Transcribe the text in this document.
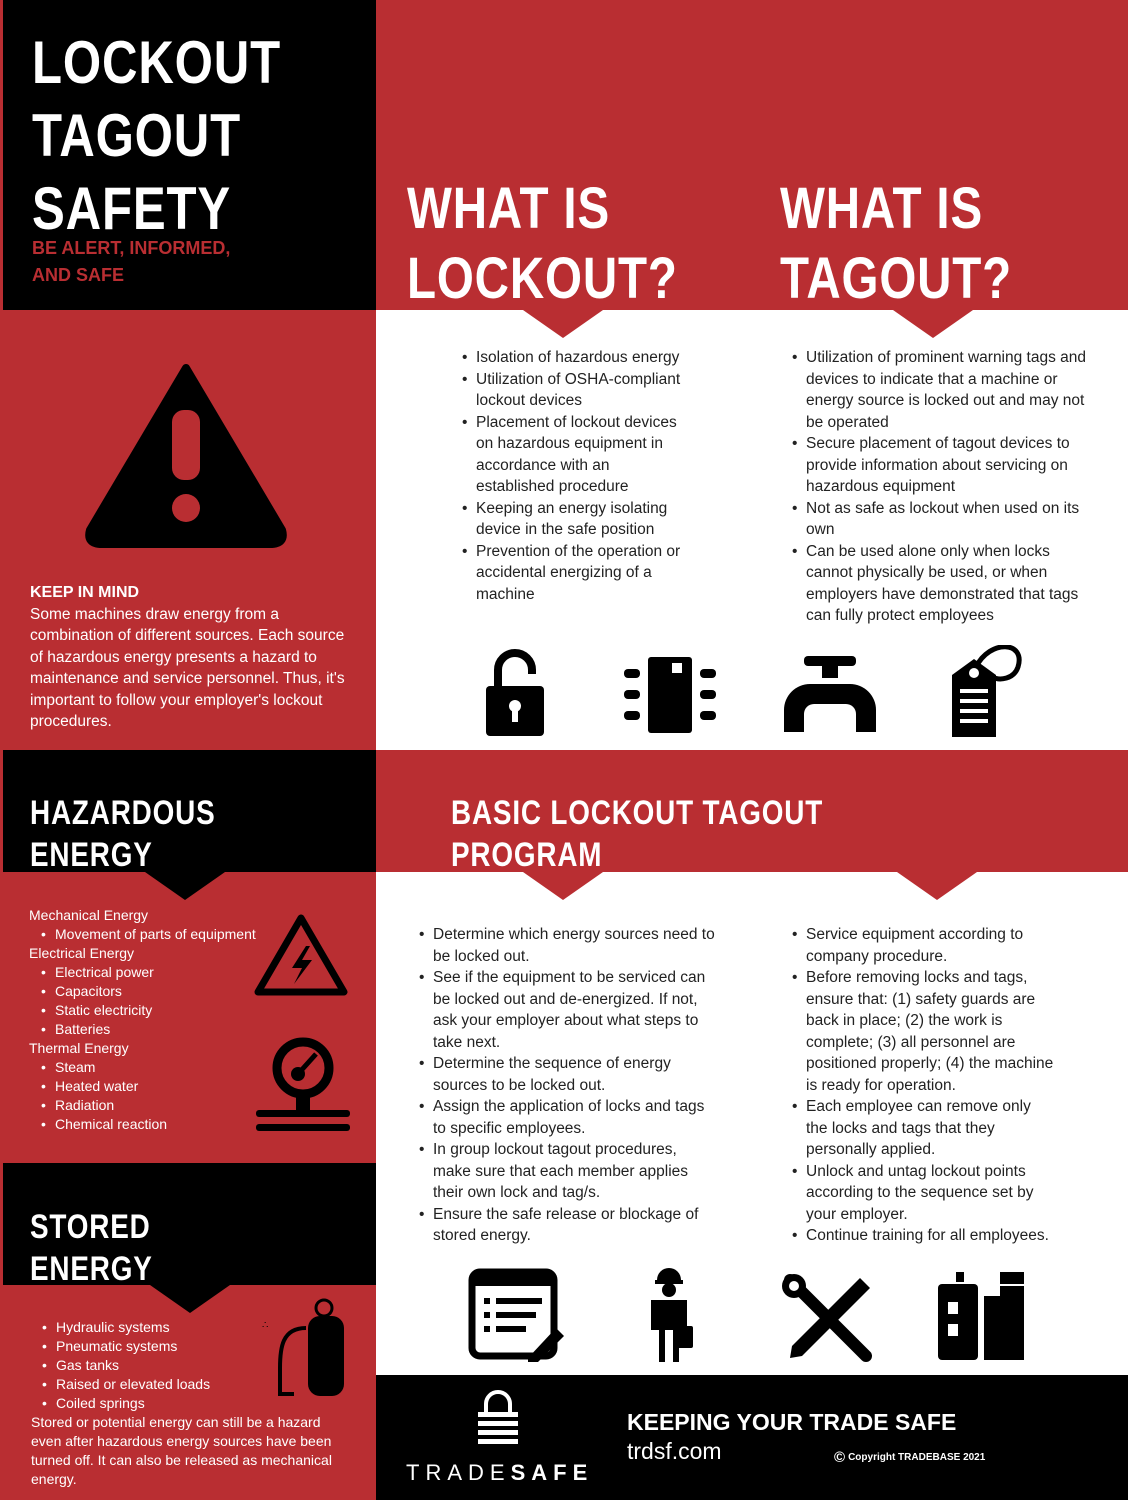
LOCKOUT
TAGOUT
SAFETY
BE ALERT, INFORMED,
AND SAFE
WHAT IS
LOCKOUT?
WHAT IS
TAGOUT?
• Isolation of hazardous energy
• Utilization of OSHA-compliant lockout devices
• Placement of lockout devices on hazardous equipment in accordance with an established procedure
• Keeping an energy isolating device in the safe position
• Prevention of the operation or accidental energizing of a machine
• Utilization of prominent warning tags and devices to indicate that a machine or energy source is locked out and may not be operated
• Secure placement of tagout devices to provide information about servicing on hazardous equipment
• Not as safe as lockout when used on its own
• Can be used alone only when locks cannot physically be used, or when employers have demonstrated that tags can fully protect employees
KEEP IN MIND
Some machines draw energy from a combination of different sources. Each source of hazardous energy presents a hazard to maintenance and service personnel. Thus, it's important to follow your employer's lockout procedures.
HAZARDOUS
ENERGY
Mechanical Energy
• Movement of parts of equipment
Electrical Energy
• Electrical power
• Capacitors
• Static electricity
• Batteries
Thermal Energy
• Steam
• Heated water
• Radiation
• Chemical reaction
STORED
ENERGY
• Hydraulic systems
• Pneumatic systems
• Gas tanks
• Raised or elevated loads
• Coiled springs
Stored or potential energy can still be a hazard even after hazardous energy sources have been turned off. It can also be released as mechanical energy.
∴
BASIC LOCKOUT TAGOUT
PROGRAM
• Determine which energy sources need to be locked out.
• See if the equipment to be serviced can be locked out and de-energized. If not, ask your employer about what steps to take next.
• Determine the sequence of energy sources to be locked out.
• Assign the application of locks and tags to specific employees.
• In group lockout tagout procedures, make sure that each member applies their own lock and tag/s.
• Ensure the safe release or blockage of stored energy.
• Service equipment according to company procedure.
• Before removing locks and tags, ensure that: (1) safety guards are back in place; (2) the work is complete; (3) all personnel are positioned properly; (4) the machine is ready for operation.
• Each employee can remove only the locks and tags that they personally applied.
• Unlock and untag lockout points according to the sequence set by your employer.
• Continue training for all employees.
TRADESAFE
KEEPING YOUR TRADE SAFE
trdsf.com	© Copyright TRADEBASE 2021
